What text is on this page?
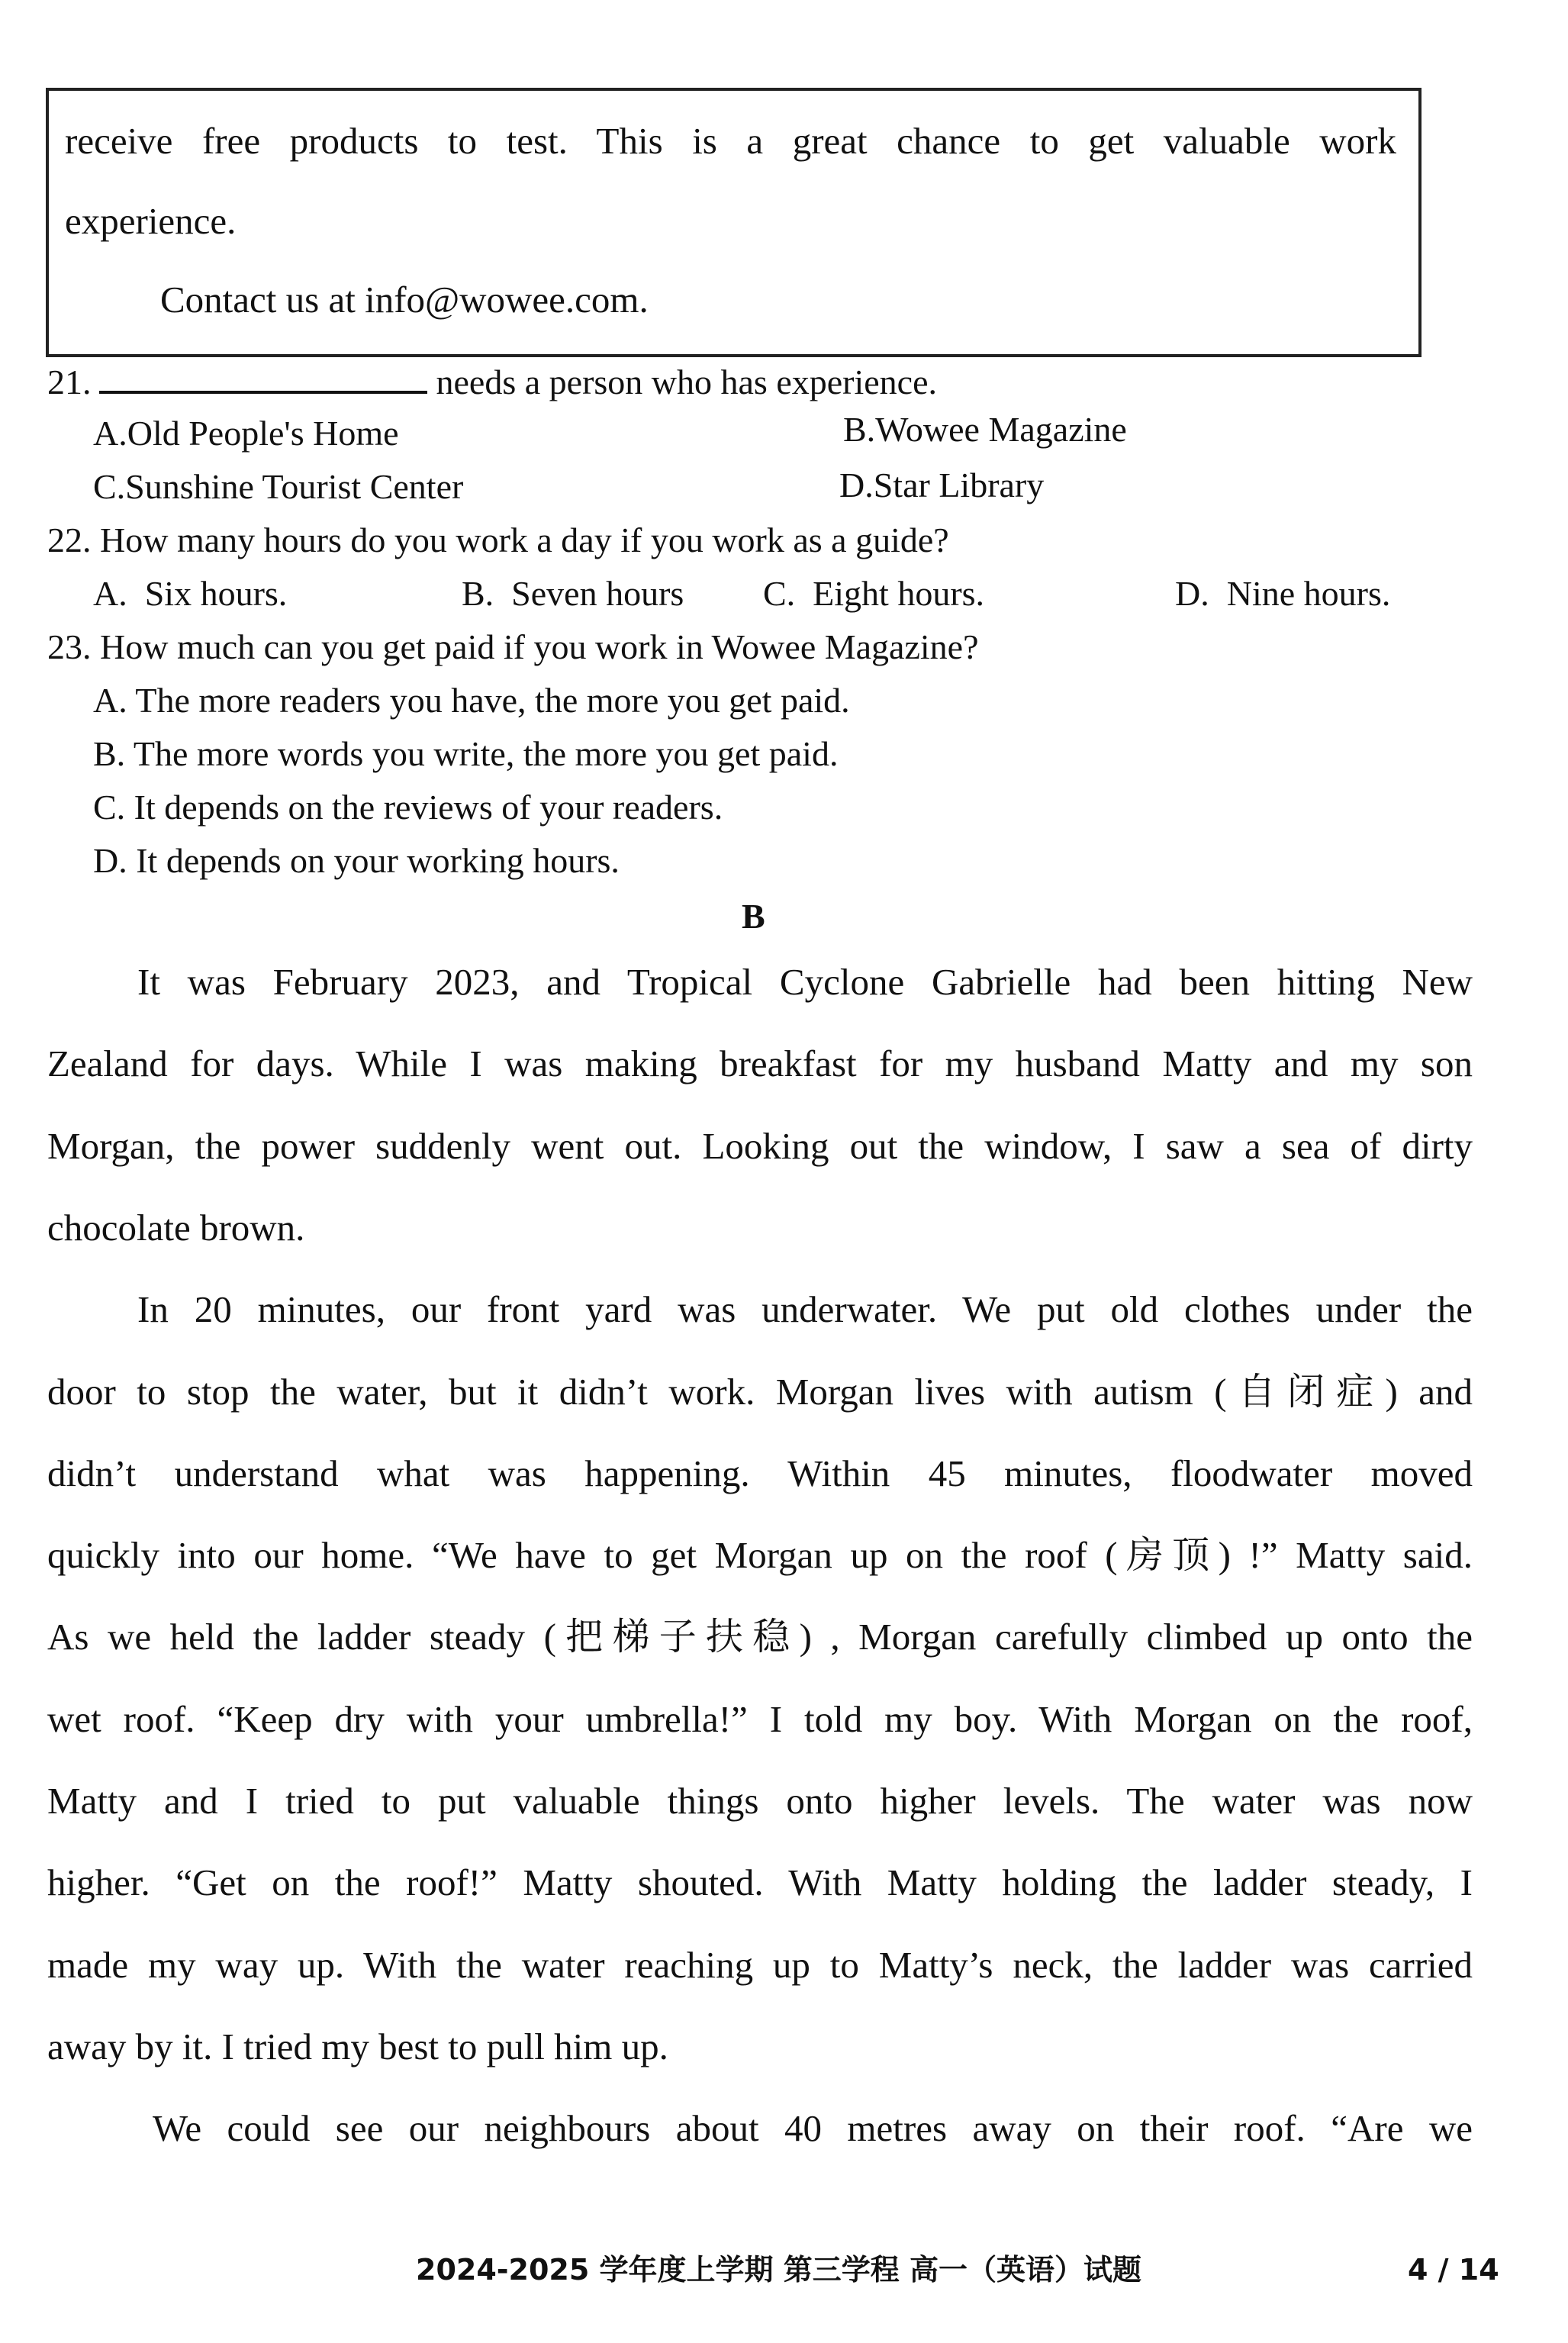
receive free products to test. This is a great chance to get valuable work
experience.
Contact us at info@wowee.com.
21.	needs a person who has experience.
A.Old People's Home	B.Wowee Magazine
C.Sunshine Tourist Center	D.Star Library
22. How many hours do you work a day if you work as a guide?
A.  Six hours.	B.  Seven hours C.  Eight hours.	D.  Nine hours.
23. How much can you get paid if you work in Wowee Magazine?
A. The more readers you have, the more you get paid.
B. The more words you write, the more you get paid.
C. It depends on the reviews of your readers.
D. It depends on your working hours.
B
It was February 2023, and Tropical Cyclone Gabrielle had been hitting New
Zealand for days. While I was making breakfast for my husband Matty and my son
Morgan, the power suddenly went out. Looking out the window, I saw a sea of dirty
chocolate brown.
In 20 minutes, our front yard was underwater. We put old clothes under the
door to stop the water, but it didn’t work. Morgan lives with autism (自闭症) and
didn’t understand what was happening. Within 45 minutes, floodwater moved
quickly into our home. “We have to get Morgan up on the roof (房顶) !” Matty said.
As we held the ladder steady (把梯子扶稳) , Morgan carefully climbed up onto the
wet roof. “Keep dry with your umbrella!” I told my boy. With Morgan on the roof,
Matty and I tried to put valuable things onto higher levels. The water was now
higher. “Get on the roof!” Matty shouted. With Matty holding the ladder steady, I
made my way up. With the water reaching up to Matty’s neck, the ladder was carried
away by it. I tried my best to pull him up.
We could see our neighbours about 40 metres away on their roof. “Are we
2024-2025 学年度上学期 第三学程 高一（英语）试题	4 / 14
